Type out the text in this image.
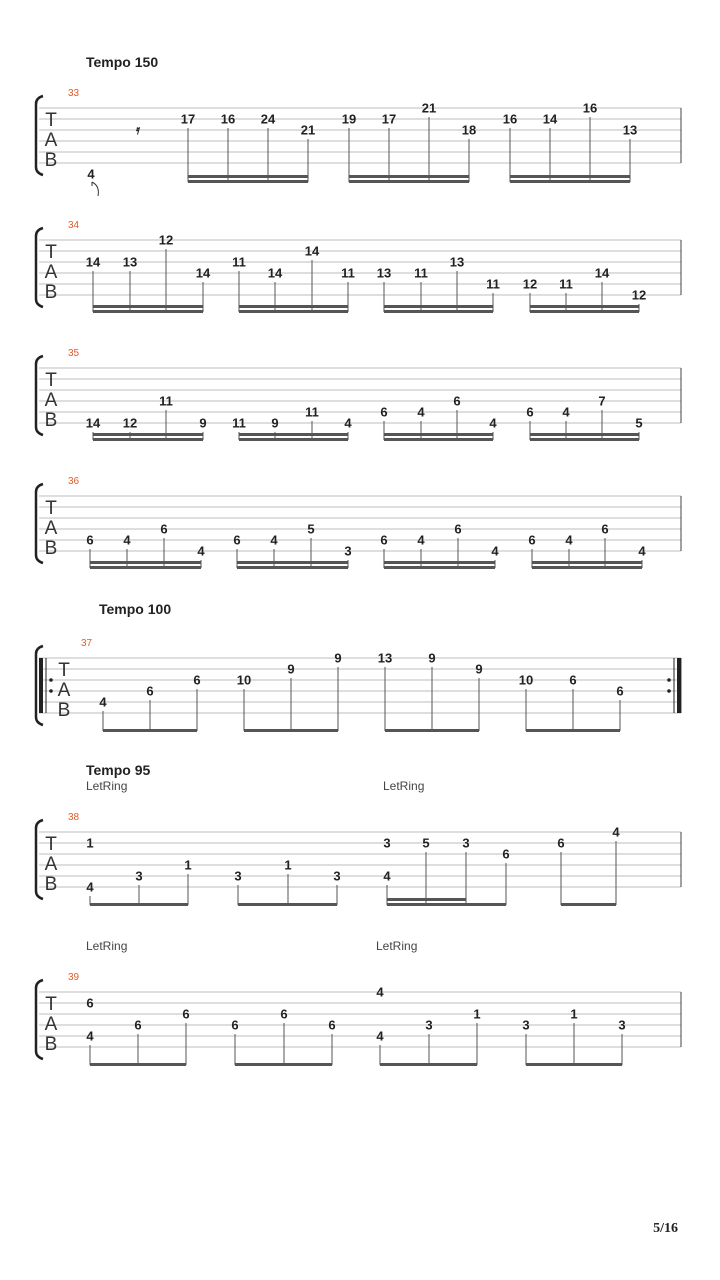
Tempo 150
33
T
A
B
𝄿
4
17 16 24
21
19 17
21
18
16 14
16
13
34
T
A
B
14 13
12
14
11
14
14
11 13 11
13
11 12 11
14
12
35
T
A
B 14 12
11
9 11 9
11
4
6 4
6
4
6 4
7
5
36
T
A
B 6 4
6
4
6 4
5
3
6 4
6
4
6 4
6
4
Tempo 100
37
T
A
B 4
6
6	10
9
9	13	9
9
10	6
6
Tempo 95
LetRing	LetRing
38
T
A
B
1
4
3
1
3
1
3
3
4
5	3
6
6
4
LetRing	LetRing
39
T
A
B
6
4
6
6
6
6
6
4
4
3
1
3
1
3
5/16
